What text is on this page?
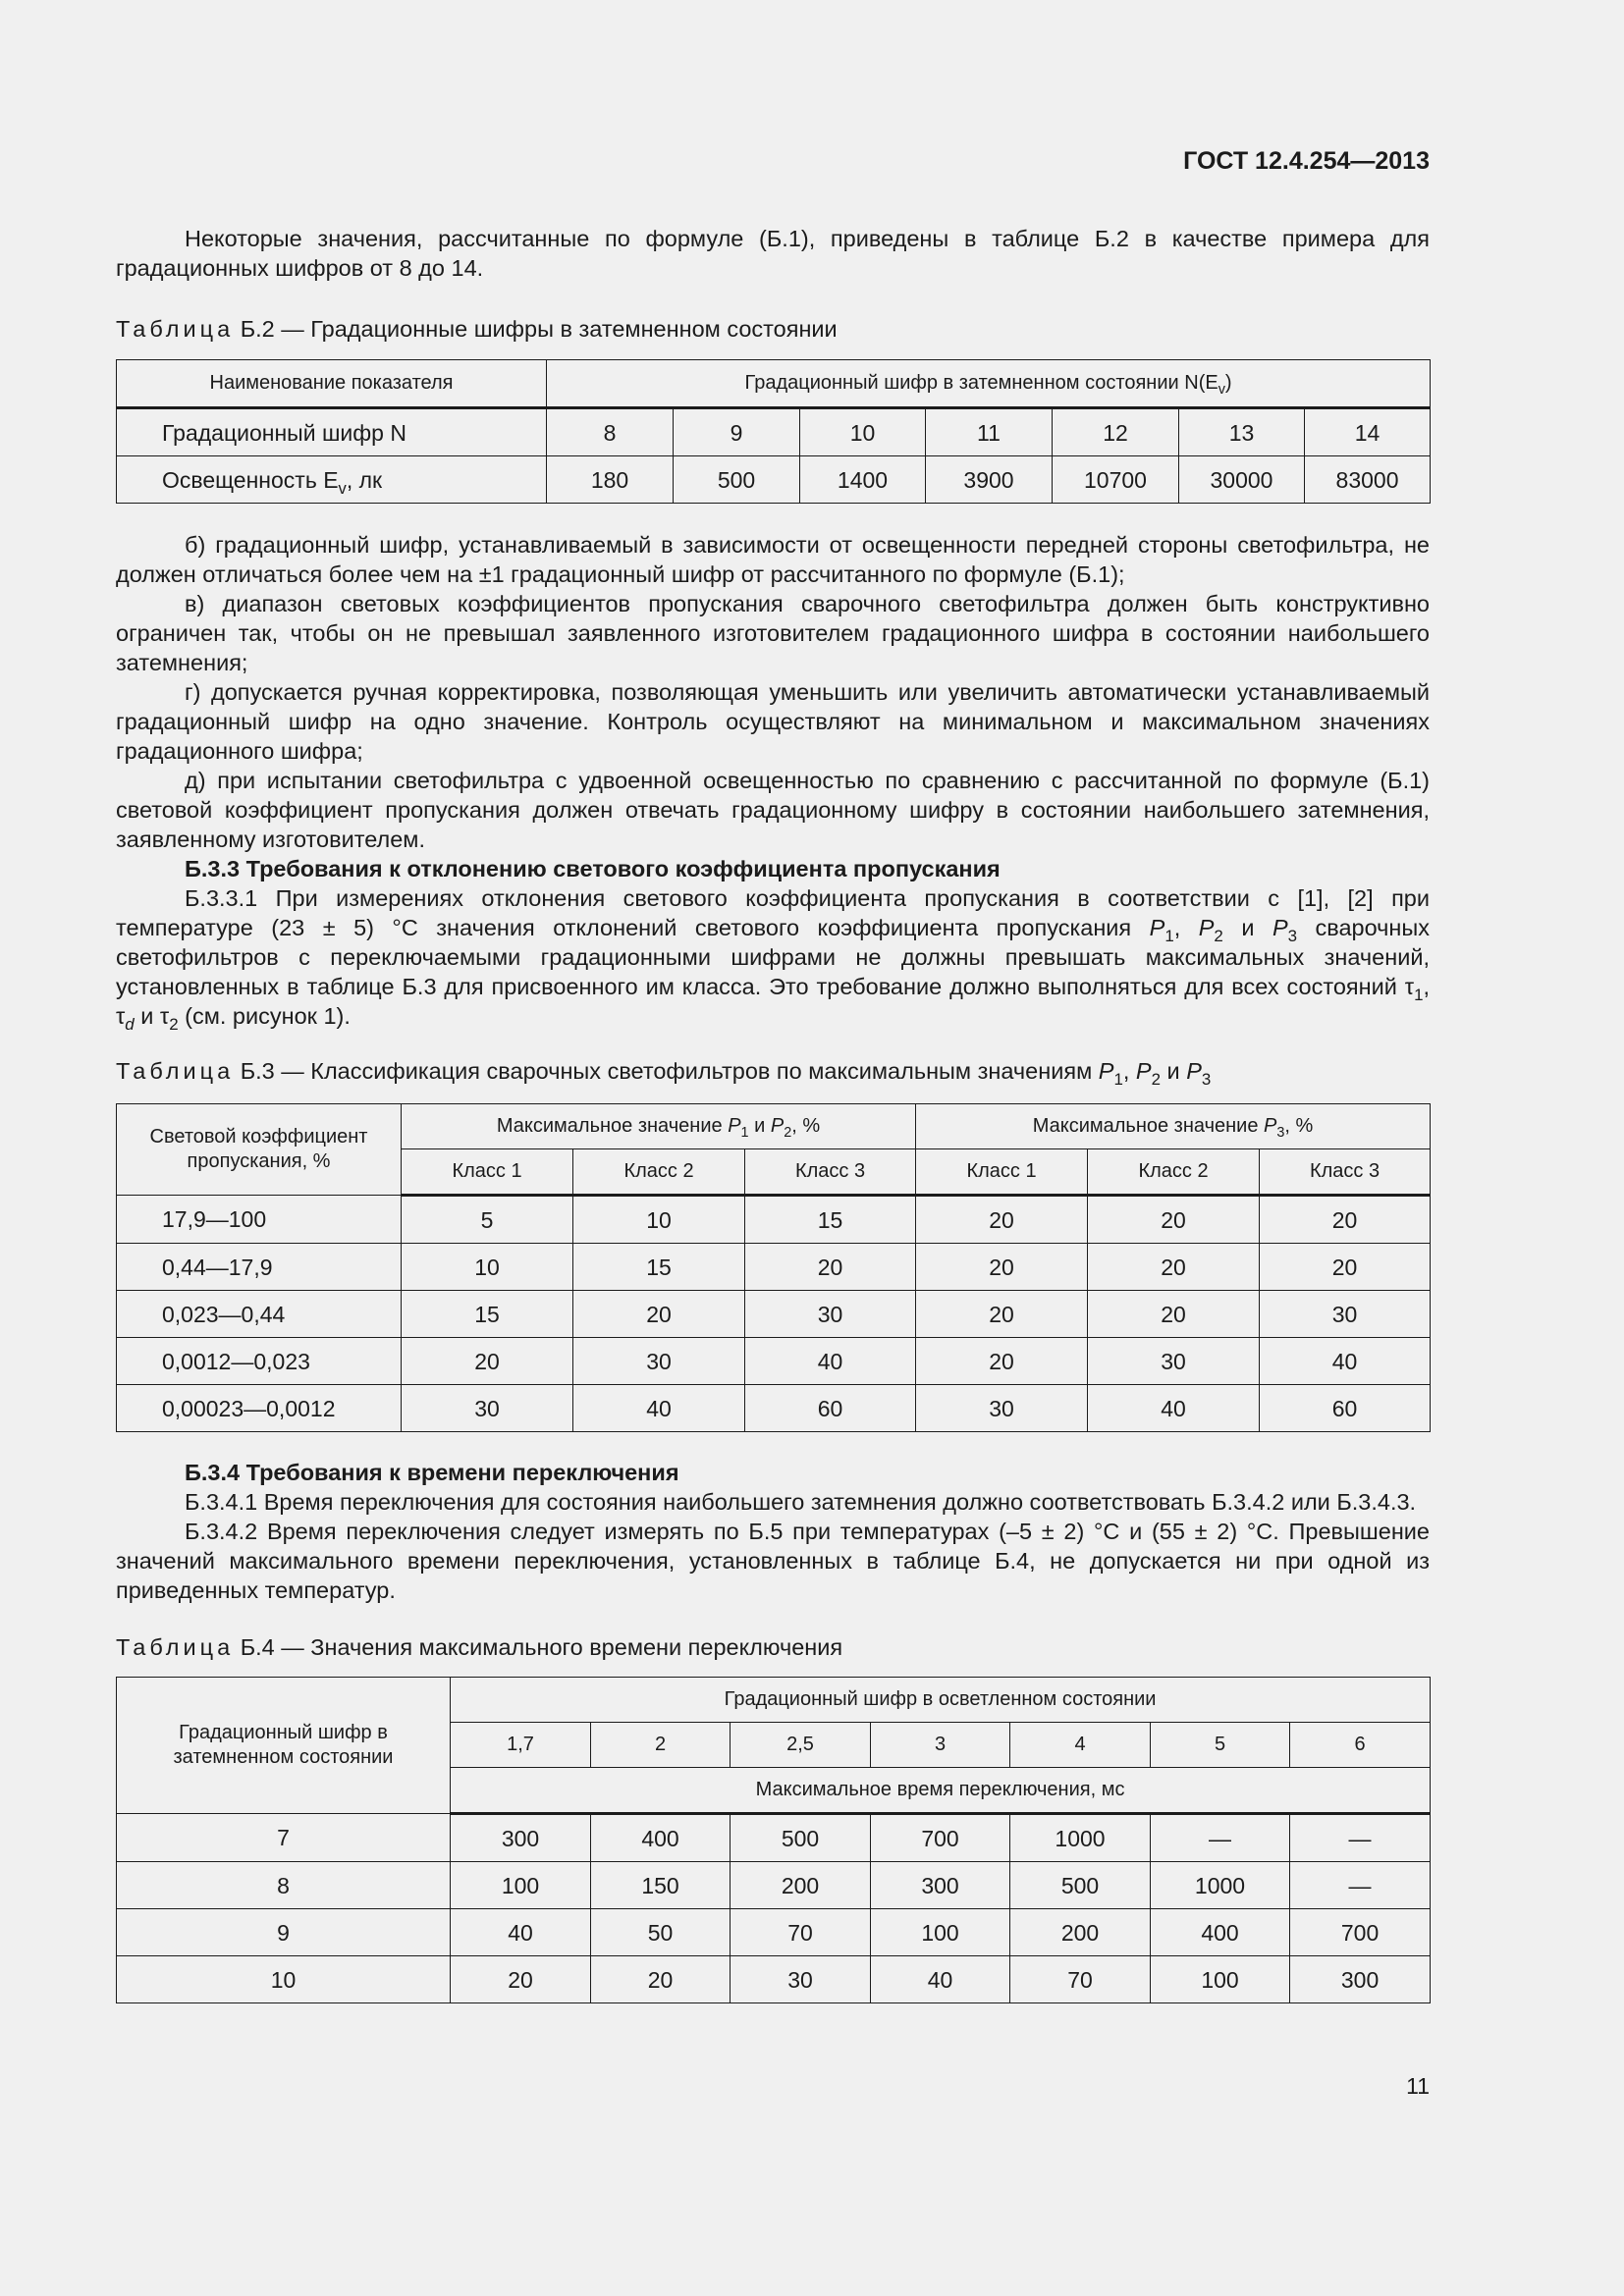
ГОСТ 12.4.254—2013

Некоторые значения, рассчитанные по формуле (Б.1), приведены в таблице Б.2 в качестве примера для градационных шифров от 8 до 14.

Таблица Б.2 — Градационные шифры в затемненном состоянии

Наименование показателя	Градационный шифр в затемненном состоянии $N(E_v)$						
Градационный шифр N	8	9	10	11	12	13	14
Освещенность $E_v$, лк	180	500	1400	3900	10700	30000	83000

б) градационный шифр, устанавливаемый в зависимости от освещенности передней стороны светофильтра, не должен отличаться более чем на ±1 градационный шифр от рассчитанного по формуле (Б.1);

в) диапазон световых коэффициентов пропускания сварочного светофильтра должен быть конструктивно ограничен так, чтобы он не превышал заявленного изготовителем градационного шифра в состоянии наибольшего затемнения;

г) допускается ручная корректировка, позволяющая уменьшить или увеличить автоматически устанавливаемый градационный шифр на одно значение. Контроль осуществляют на минимальном и максимальном значениях градационного шифра;

д) при испытании светофильтра с удвоенной освещенностью по сравнению с рассчитанной по формуле (Б.1) световой коэффициент пропускания должен отвечать градационному шифру в состоянии наибольшего затемнения, заявленному изготовителем.

Б.3.3 Требования к отклонению светового коэффициента пропускания

Б.3.3.1 При измерениях отклонения светового коэффициента пропускания в соответствии с [1], [2] при температуре (23 ± 5) °С значения отклонений светового коэффициента пропускания $P_1$, $P_2$ и $P_3$ сварочных светофильтров с переключаемыми градационными шифрами не должны превышать максимальных значений, установленных в таблице Б.3 для присвоенного им класса. Это требование должно выполняться для всех состояний $\tau_1$, $\tau_d$ и $\tau_2$ (см. рисунок 1).

Таблица Б.3 — Классификация сварочных светофильтров по максимальным значениям $P_1$, $P_2$ и $P_3$

Световой коэффициент пропускания, %	Максимальное значение $P_1$ и $P_2$, %			Максимальное значение $P_3$, %		
	Класс 1	Класс 2	Класс 3	Класс 1	Класс 2	Класс 3
17,9—100	5	10	15	20	20	20
0,44—17,9	10	15	20	20	20	20
0,023—0,44	15	20	30	20	20	30
0,0012—0,023	20	30	40	20	30	40
0,00023—0,0012	30	40	60	30	40	60

Б.3.4 Требования к времени переключения

Б.3.4.1 Время переключения для состояния наибольшего затемнения должно соответствовать Б.3.4.2 или Б.3.4.3.

Б.3.4.2 Время переключения следует измерять по Б.5 при температурах (–5 ± 2) °С и (55 ± 2) °С. Превышение значений максимального времени переключения, установленных в таблице Б.4, не допускается ни при одной из приведенных температур.

Таблица Б.4 — Значения максимального времени переключения

Градационный шифр в затемненном состоянии	Градационный шифр в осветленном состоянии						
	1,7	2	2,5	3	4	5	6
	Максимальное время переключения, мс						
7	300	400	500	700	1000	—	—
8	100	150	200	300	500	1000	—
9	40	50	70	100	200	400	700
10	20	20	30	40	70	100	300
11
